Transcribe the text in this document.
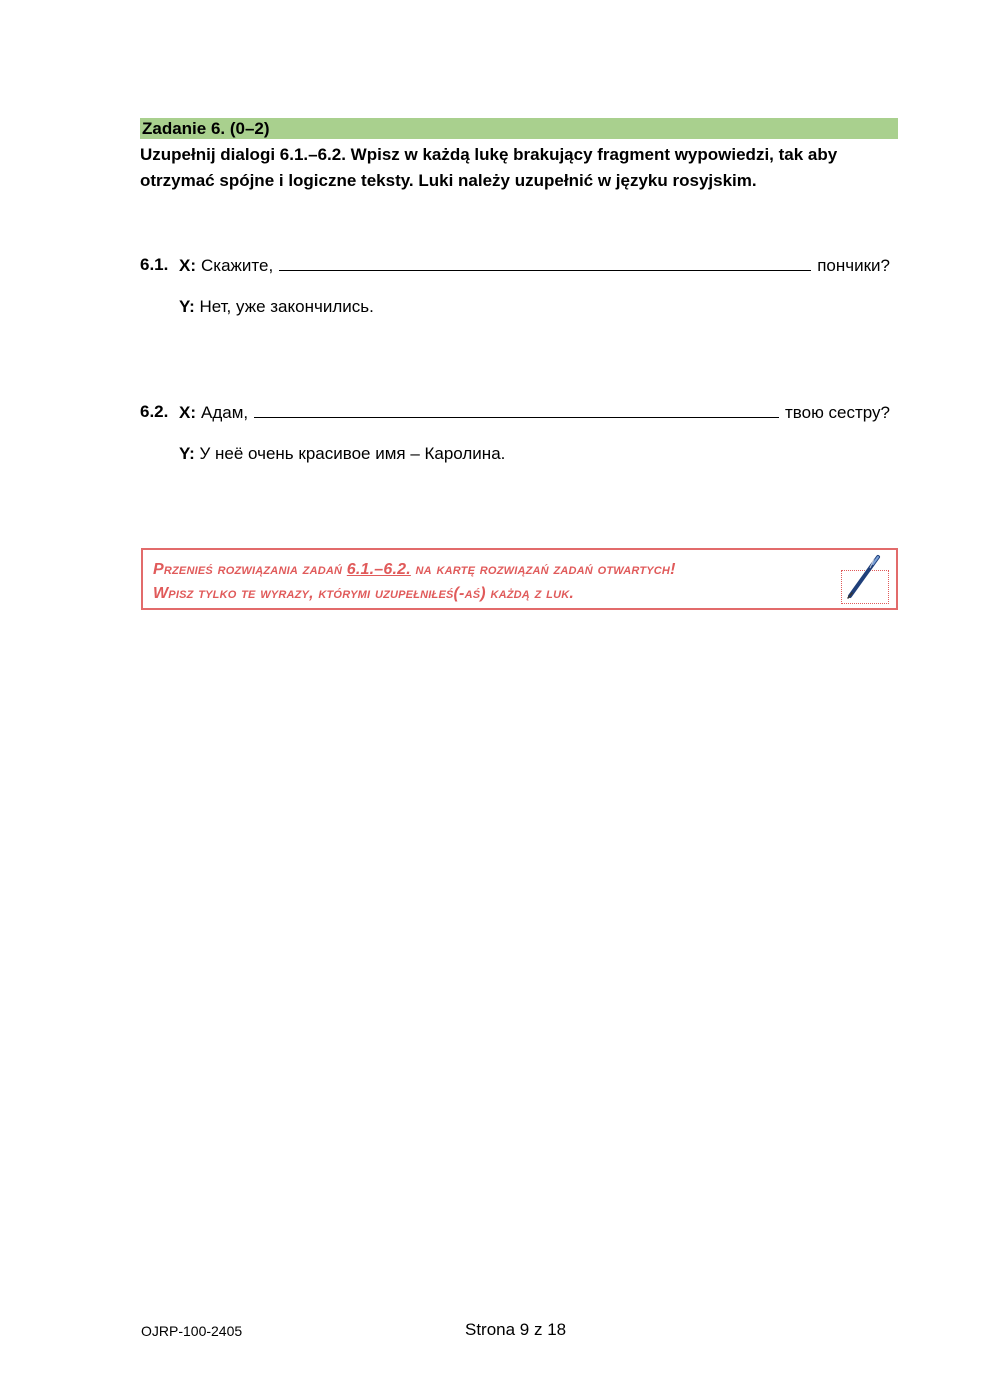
Zadanie 6. (0–2)
Uzupełnij dialogi 6.1.–6.2. Wpisz w każdą lukę brakujący fragment wypowiedzi, tak aby
otrzymać spójne i logiczne teksty. Luki należy uzupełnić w języku rosyjskim.
6.1. X: Скажите,	пончики?
Y: Нет, уже закончились.
6.2. X: Адам,	твою сестру?
Y: У неё очень красивое имя – Каролина.
Przenieś rozwiązania zadań 6.1.–6.2. na kartę rozwiązań zadań otwartych!
Wpisz tylko te wyrazy, którymi uzupełniłeś(-aś) każdą z luk.
OJRP-100-2405	Strona 9 z 18
